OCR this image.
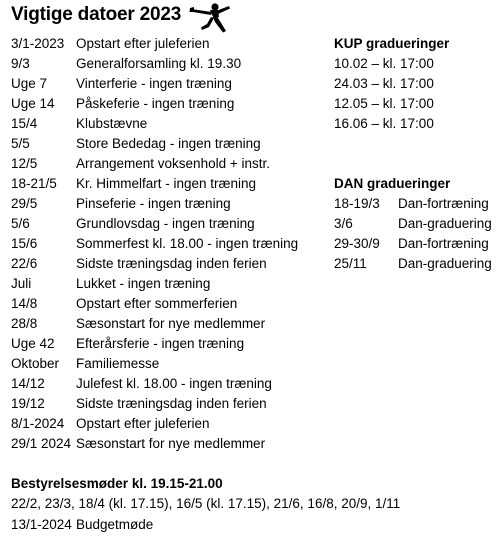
Vigtige datoer 2023
3/1-2023 Opstart efter juleferien
9/3	Generalforsamling kl. 19.30
Uge 7	Vinterferie - ingen træning
Uge 14	Påskeferie - ingen træning
15/4	Klubstævne
5/5	Store Bededag - ingen træning
12/5	Arrangement voksenhold + instr.
18-21/5	Kr. Himmelfart - ingen træning
29/5	Pinseferie - ingen træning
5/6	Grundlovsdag - ingen træning
15/6	Sommerfest kl. 18.00 - ingen træning
22/6	Sidste træningsdag inden ferien
Juli	Lukket - ingen træning
14/8	Opstart efter sommerferien
28/8	Sæsonstart for nye medlemmer
Uge 42	Efterårsferie - ingen træning
Oktober	Familiemesse
14/12	Julefest kl. 18.00 - ingen træning
19/12	Sidste træningsdag inden ferien
8/1-2024 Opstart efter juleferien
29/1 2024 Sæsonstart for nye medlemmer
KUP gradueringer
10.02 – kl. 17:00
24.03 – kl. 17:00
12.05 – kl. 17:00
16.06 – kl. 17:00
DAN gradueringer
18-19/3	Dan-fortræning
3/6	Dan-graduering
29-30/9	Dan-fortræning
25/11	Dan-graduering
Bestyrelsesmøder kl. 19.15-21.00
22/2, 23/3, 18/4 (kl. 17.15), 16/5 (kl. 17.15), 21/6, 16/8, 20/9, 1/11
13/1-2024 Budgetmøde
